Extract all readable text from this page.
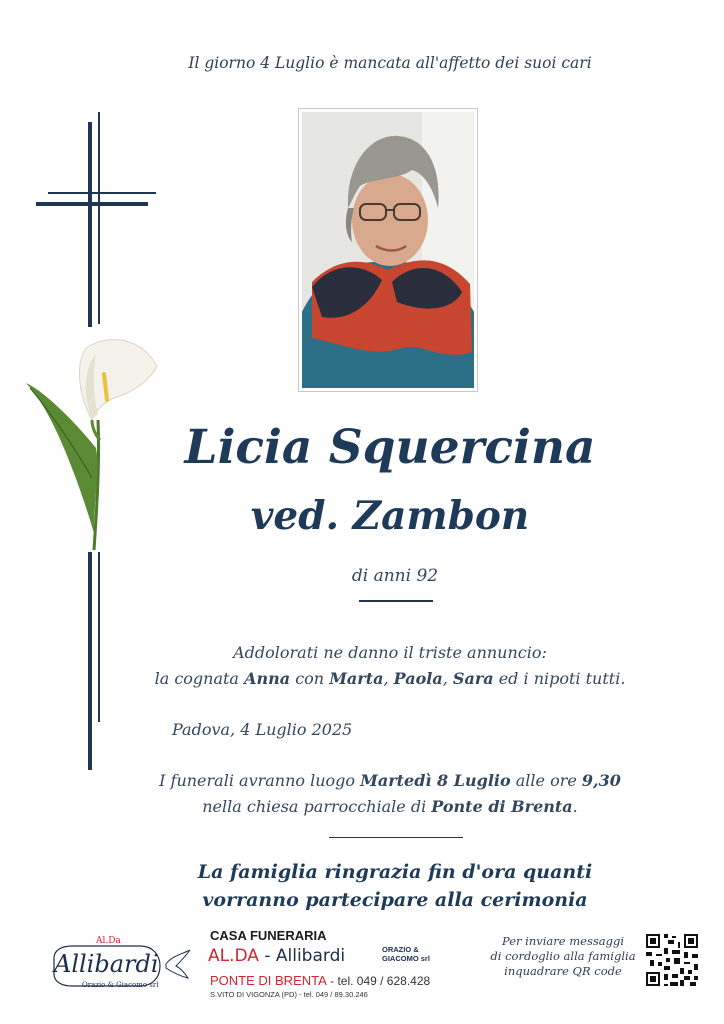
Il giorno 4 Luglio è mancata all'affetto dei suoi cari
Licia Squercina
ved. Zambon
di anni 92
Addolorati ne danno il triste annuncio:
la cognata Anna con Marta, Paola, Sara ed i nipoti tutti.
Padova, 4 Luglio 2025
I funerali avranno luogo Martedì 8 Luglio alle ore 9,30
nella chiesa parrocchiale di Ponte di Brenta.
La famiglia ringrazia fin d'ora quanti
vorranno partecipare alla cerimonia
Al.Da
Allibardi
Orazio & Giacomo srl
CASA FUNERARIA
AL.DA - Allibardi	ORAZIO &
GIACOMO srl
PONTE DI BRENTA - tel. 049 / 628.428
S.VITO DI VIGONZA (PD) - tel. 049 / 89.30.246
Per inviare messaggi
di cordoglio alla famiglia
inquadrare QR code
